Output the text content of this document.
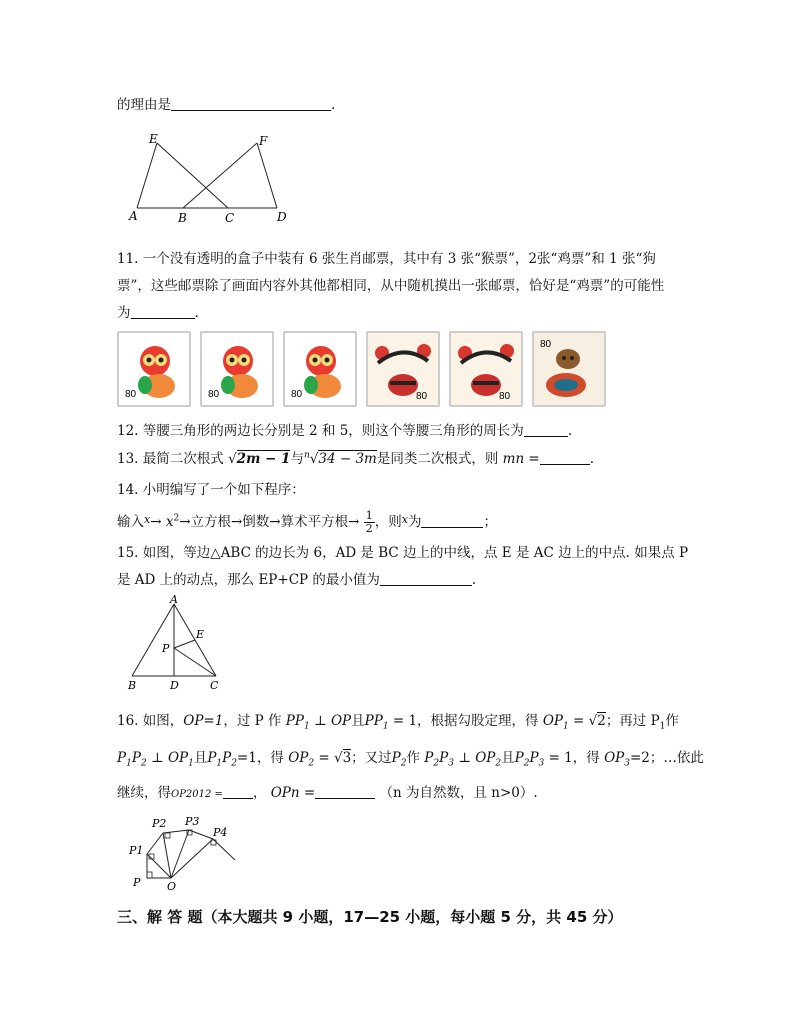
的理由是	.
E	F
A	B	C	D
11. 一个没有透明的盒子中装有 6 张生肖邮票，其中有 3 张“猴票”，2张“鸡票”和 1 张“狗
票”，这些邮票除了画面内容外其他都相同，从中随机摸出一张邮票，恰好是“鸡票”的可能性
为	.
80	80	80	80	80
80
12. 等腰三角形的两边长分别是 2 和 5，则这个等腰三角形的周长为	.
13. 最简二次根式 √2m − 1与$^n$√34 − 3m是同类二次根式，则 mn =	.
14. 小明编写了一个如下程序：
输入$^x\to x^2\to$立方根→倒数→算术平方根→ $\frac{1}{2}$ ，则$^x$为	；
15. 如图，等边△ABC 的边长为 6，AD 是 BC 边上的中线，点 E 是 AC 边上的中点. 如果点 P
是 AD 上的动点，那么 EP+CP 的最小值为	.
A
E
P
B	D	C
16. 如图，OP=1，过 P 作 $PP_1$ ⊥ OP且$PP_1 = 1$，根据勾股定理，得 $OP_1 = √2$；再过 $P_1$作
$P_1P_2$ ⊥ $OP_1$且$P_1P_2=1$，得 $OP_2 = √3$；又过$P_2$作 $P_2P_3$ ⊥ $OP_2$且$P_2P_3 = 1$，得 $OP_3=2$；…依此
继续，得OP2012 = ， OPn =	（n 为自然数，且 n>0）.
P2 P3
P4
P1
P O
三、解 答 题（本大题共 9 小题，17—25 小题，每小题 5 分，共 45 分）
